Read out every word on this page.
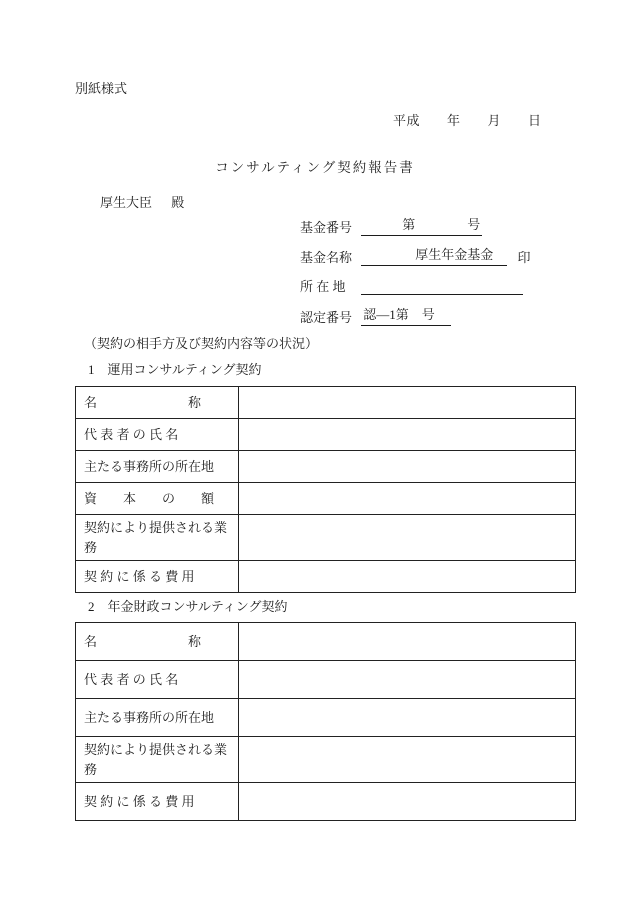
別紙様式
平成　　年　　月　　日
コンサルティング契約報告書
厚生大臣 殿
基金番号 　　　第　　　　号
基金名称 　　　　厚生年金基金 印
所 在 地
認定番号 認―1第　号
（契約の相手方及び契約内容等の状況）
1　運用コンサルティング契約
名　　　　　　　称	
代 表 者 の 氏 名	
主たる事務所の所在地	
資　　本　　の　　額	
契約により提供される業務	
契 約 に 係 る 費 用	
2　年金財政コンサルティング契約
名　　　　　　　称	
代 表 者 の 氏 名	
主たる事務所の所在地	
契約により提供される業務	
契 約 に 係 る 費 用	
